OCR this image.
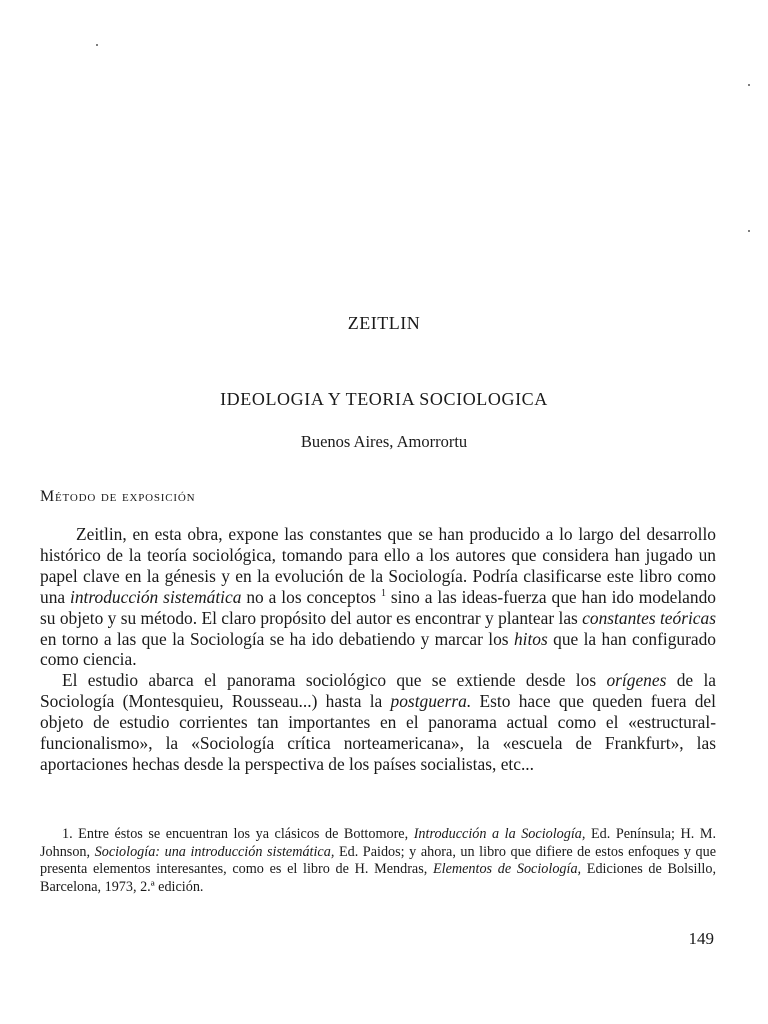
ZEITLIN
IDEOLOGIA Y TEORIA SOCIOLOGICA
Buenos Aires, Amorrortu
Método de exposición

Zeitlin, en esta obra, expone las constantes que se han producido a lo largo del desarrollo histórico de la teoría sociológica, tomando para ello a los autores que considera han jugado un papel clave en la génesis y en la evolución de la Sociología. Podría clasificarse este libro como una introducción sistemática no a los conceptos $^1$ sino a las ideas-fuerza que han ido modelando su objeto y su método. El claro propósito del autor es encontrar y plantear las constantes teóricas en torno a las que la Sociología se ha ido debatiendo y marcar los hitos que la han configurado como ciencia.

El estudio abarca el panorama sociológico que se extiende desde los orígenes de la Sociología (Montesquieu, Rousseau...) hasta la postguerra. Esto hace que queden fuera del objeto de estudio corrientes tan importantes en el panorama actual como el «estructural-funcionalismo», la «Sociología crítica norteamericana», la «escuela de Frankfurt», las aportaciones hechas desde la perspectiva de los países socialistas, etc...

1. Entre éstos se encuentran los ya clásicos de Bottomore, Introducción a la Sociología, Ed. Península; H. M. Johnson, Sociología: una introducción sistemática, Ed. Paidos; y ahora, un libro que difiere de estos enfoques y que presenta elementos interesantes, como es el libro de H. Mendras, Elementos de Sociología, Ediciones de Bolsillo, Barcelona, 1973, 2.ª edición.
149
